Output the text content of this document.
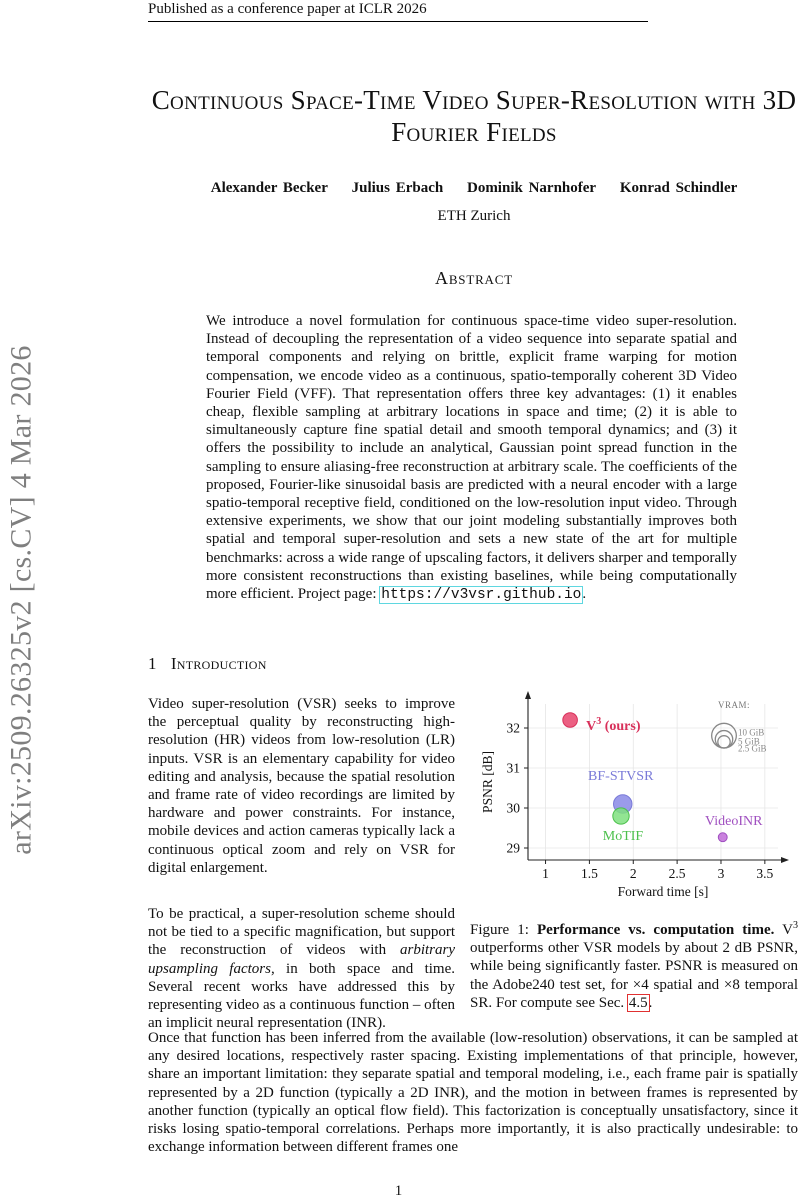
Published as a conference paper at ICLR 2026
arXiv:2509.26325v2 [cs.CV] 4 Mar 2026
Continuous Space-Time Video Super-Resolution with 3D Fourier Fields
Alexander Becker Julius Erbach Dominik Narnhofer Konrad Schindler
ETH Zurich
Abstract
We introduce a novel formulation for continuous space-time video super-resolution. Instead of decoupling the representation of a video sequence into separate spatial and temporal components and relying on brittle, explicit frame warping for motion compensation, we encode video as a continuous, spatio-temporally coherent 3D Video Fourier Field (VFF). That representation offers three key advantages: (1) it enables cheap, flexible sampling at arbitrary locations in space and time; (2) it is able to simultaneously capture fine spatial detail and smooth temporal dynamics; and (3) it offers the possibility to include an analytical, Gaussian point spread function in the sampling to ensure aliasing-free reconstruction at arbitrary scale. The coefficients of the proposed, Fourier-like sinusoidal basis are predicted with a neural encoder with a large spatio-temporal receptive field, conditioned on the low-resolution input video. Through extensive experiments, we show that our joint modeling substantially improves both spatial and temporal super-resolution and sets a new state of the art for multiple benchmarks: across a wide range of upscaling factors, it delivers sharper and temporally more consistent reconstructions than existing baselines, while being computationally more efficient. Project page: https://v3vsr.github.io.
1 Introduction
Video super-resolution (VSR) seeks to improve the perceptual quality by reconstructing high-resolution (HR) videos from low-resolution (LR) inputs. VSR is an elementary capability for video editing and analysis, because the spatial resolution and frame rate of video recordings are limited by hardware and power constraints. For instance, mobile devices and action cameras typically lack a continuous optical zoom and rely on VSR for digital enlargement.
To be practical, a super-resolution scheme should not be tied to a specific magnification, but support the reconstruction of videos with arbitrary upsampling factors, in both space and time. Several recent works have addressed this by representing video as a continuous function – often an implicit neural representation (INR).
Once that function has been inferred from the available (low-resolution) observations, it can be sampled at any desired locations, respectively raster spacing. Existing implementations of that principle, however, share an important limitation: they separate spatial and temporal modeling, i.e., each frame pair is spatially represented by a 2D function (typically a 2D INR), and the motion in between frames is represented by another function (typically an optical flow field). This factorization is conceptually unsatisfactory, since it risks losing spatio-temporal correlations. Perhaps more importantly, it is also practically undesirable: to exchange information between different frames one
1 1.5 2 2.5 3 3.5
29
30
31
32	$V^3$ (ours)
BF-STVSR
MoTIF
VideoINR
VRAM:
10 GiB
5 GiB
2.5 GiB
Forward time [s]
PSNR [dB]
Figure 1: Performance vs. computation time. $V^3$ outperforms other VSR models by about 2 dB PSNR, while being significantly faster. PSNR is measured on the Adobe240 test set, for ×4 spatial and ×8 temporal SR. For compute see Sec. 4.5.
1
